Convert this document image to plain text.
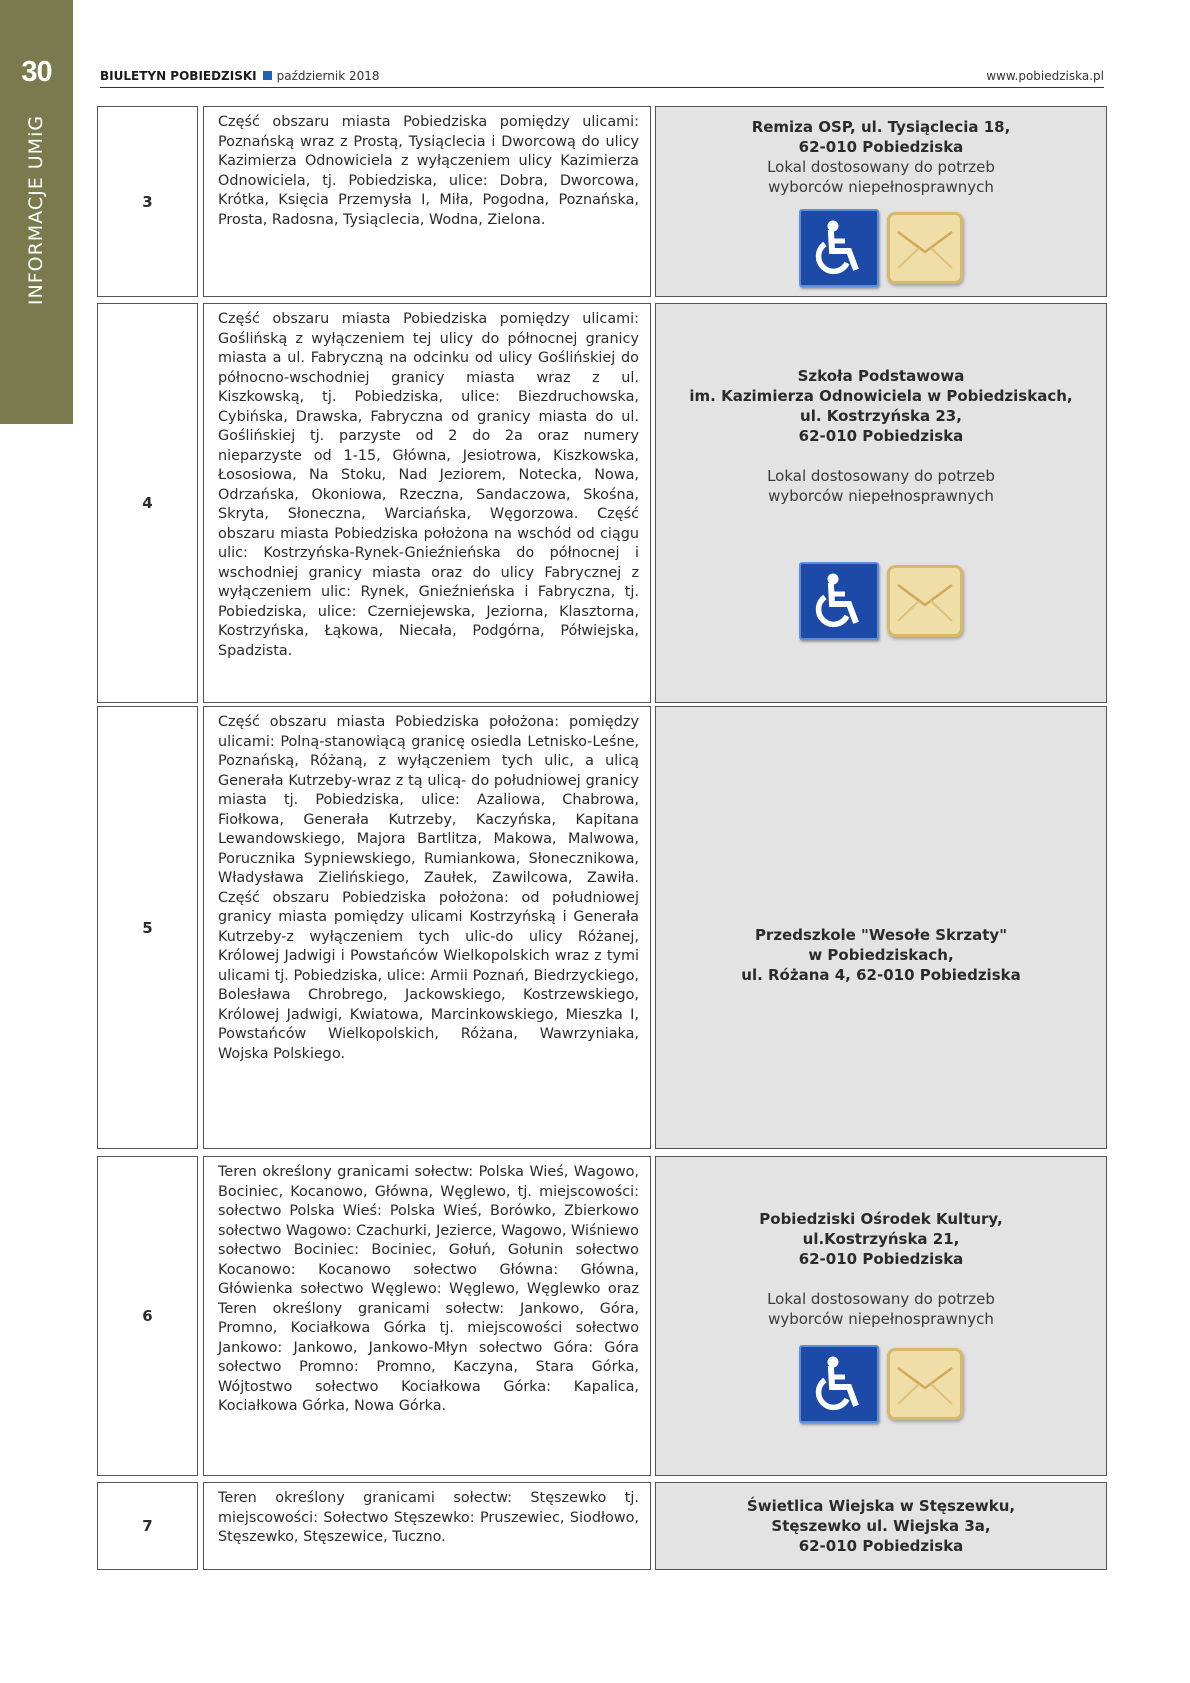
30
INFORMACJE UMiG
BIULETYN POBIEDZISKI październik 2018	www.pobiedziska.pl
3
Część obszaru miasta Pobiedziska pomiędzy ulicami: Poznańską wraz z Prostą, Tysiąclecia i Dworcową do ulicy Kazimierza Odnowiciela z wyłączeniem ulicy Kazimierza Odnowiciela, tj. Pobiedziska, ulice: Dobra, Dworcowa, Krótka, Księcia Przemysła I, Miła, Pogodna, Poznańska, Prosta, Radosna, Tysiąclecia, Wodna, Zielona.
Remiza OSP, ul. Tysiąclecia 18,
62-010 Pobiedziska
Lokal dostosowany do potrzeb
wyborców niepełnosprawnych
4
Część obszaru miasta Pobiedziska pomiędzy ulicami: Goślińską z wyłączeniem tej ulicy do północnej granicy miasta a ul. Fabryczną na odcinku od ulicy Goślińskiej do północno-wschodniej granicy miasta wraz z ul. Kiszkowską, tj. Pobiedziska, ulice: Biezdruchowska, Cybińska, Drawska, Fabryczna od granicy miasta do ul. Goślińskiej tj. parzyste od 2 do 2a oraz numery nieparzyste od 1-15, Główna, Jesiotrowa, Kiszkowska, Łososiowa, Na Stoku, Nad Jeziorem, Notecka, Nowa, Odrzańska, Okoniowa, Rzeczna, Sandaczowa, Skośna, Skryta, Słoneczna, Warciańska, Węgorzowa. Część obszaru miasta Pobiedziska położona na wschód od ciągu ulic: Kostrzyńska-Rynek-Gnieźnieńska do północnej i wschodniej granicy miasta oraz do ulicy Fabrycznej z wyłączeniem ulic: Rynek, Gnieźnieńska i Fabryczna, tj. Pobiedziska, ulice: Czerniejewska, Jeziorna, Klasztorna, Kostrzyńska, Łąkowa, Niecała, Podgórna, Półwiejska, Spadzista.
Szkoła Podstawowa
im. Kazimierza Odnowiciela w Pobiedziskach,
ul. Kostrzyńska 23,
62-010 Pobiedziska
Lokal dostosowany do potrzeb
wyborców niepełnosprawnych
5
Część obszaru miasta Pobiedziska położona: pomiędzy ulicami: Polną-stanowiącą granicę osiedla Letnisko-Leśne, Poznańską, Różaną, z wyłączeniem tych ulic, a ulicą Generała Kutrzeby-wraz z tą ulicą- do południowej granicy miasta tj. Pobiedziska, ulice: Azaliowa, Chabrowa, Fiołkowa, Generała Kutrzeby, Kaczyńska, Kapitana Lewandowskiego, Majora Bartlitza, Makowa, Malwowa, Porucznika Sypniewskiego, Rumiankowa, Słonecznikowa, Władysława Zielińskiego, Zaułek, Zawilcowa, Zawiła. Część obszaru Pobiedziska położona: od południowej granicy miasta pomiędzy ulicami Kostrzyńską i Generała Kutrzeby-z wyłączeniem tych ulic-do ulicy Różanej, Królowej Jadwigi i Powstańców Wielkopolskich wraz z tymi ulicami tj. Pobiedziska, ulice: Armii Poznań, Biedrzyckiego, Bolesława Chrobrego, Jackowskiego, Kostrzewskiego, Królowej Jadwigi, Kwiatowa, Marcinkowskiego, Mieszka I, Powstańców Wielkopolskich, Różana, Wawrzyniaka, Wojska Polskiego.
Przedszkole "Wesołe Skrzaty"
w Pobiedziskach,
ul. Różana 4, 62-010 Pobiedziska
6
Teren określony granicami sołectw: Polska Wieś, Wagowo, Bociniec, Kocanowo, Główna, Węglewo, tj. miejscowości: sołectwo Polska Wieś: Polska Wieś, Borówko, Zbierkowo sołectwo Wagowo: Czachurki, Jezierce, Wagowo, Wiśniewo sołectwo Bociniec: Bociniec, Gołuń, Gołunin sołectwo Kocanowo: Kocanowo sołectwo Główna: Główna, Główienka sołectwo Węglewo: Węglewo, Węglewko oraz Teren określony granicami sołectw: Jankowo, Góra, Promno, Kociałkowa Górka tj. miejscowości sołectwo Jankowo: Jankowo, Jankowo-Młyn sołectwo Góra: Góra sołectwo Promno: Promno, Kaczyna, Stara Górka, Wójtostwo sołectwo Kociałkowa Górka: Kapalica, Kociałkowa Górka, Nowa Górka.
Pobiedziski Ośrodek Kultury,
ul.Kostrzyńska 21,
62-010 Pobiedziska
Lokal dostosowany do potrzeb
wyborców niepełnosprawnych
7
Teren określony granicami sołectw: Stęszewko tj. miejscowości: Sołectwo Stęszewko: Pruszewiec, Siodłowo, Stęszewko, Stęszewice, Tuczno.
Świetlica Wiejska w Stęszewku,
Stęszewko ul. Wiejska 3a,
62-010 Pobiedziska
